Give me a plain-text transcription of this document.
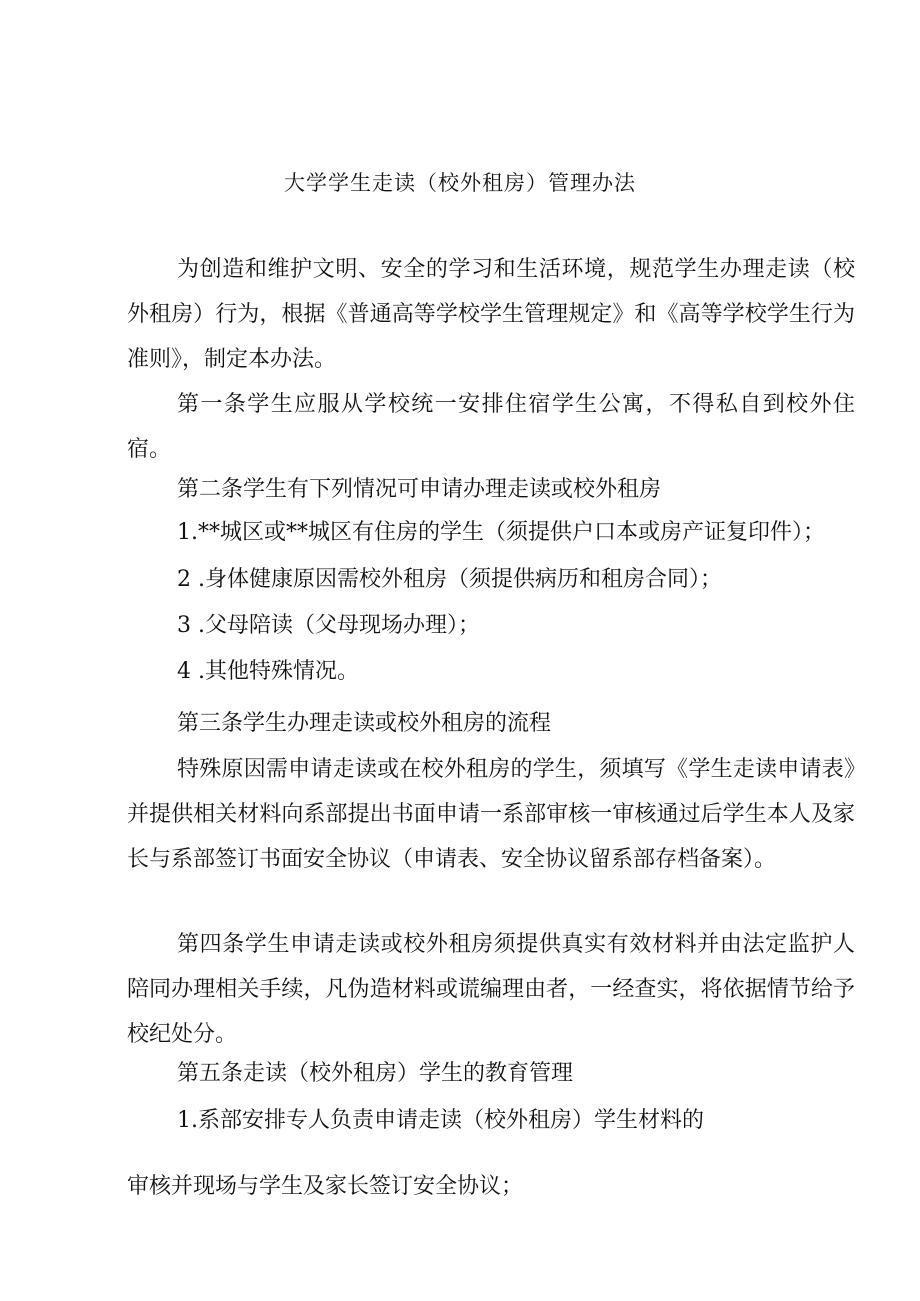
大学学生走读（校外租房）管理办法

为创造和维护文明、安全的学习和生活环境，规范学生办理走读（校外租房）行为，根据《普通高等学校学生管理规定》和《高等学校学生行为准则》，制定本办法。

第一条学生应服从学校统一安排住宿学生公寓，不得私自到校外住宿。

第二条学生有下列情况可申请办理走读或校外租房

1.**城区或**城区有住房的学生（须提供户口本或房产证复印件）；

2 .身体健康原因需校外租房（须提供病历和租房合同）；

3 .父母陪读（父母现场办理）；

4 .其他特殊情况。

第三条学生办理走读或校外租房的流程

特殊原因需申请走读或在校外租房的学生，须填写《学生走读申请表》并提供相关材料向系部提出书面申请一系部审核一审核通过后学生本人及家长与系部签订书面安全协议（申请表、安全协议留系部存档备案）。

第四条学生申请走读或校外租房须提供真实有效材料并由法定监护人陪同办理相关手续，凡伪造材料或谎编理由者，一经查实，将依据情节给予校纪处分。

第五条走读（校外租房）学生的教育管理

1.系部安排专人负责申请走读（校外租房）学生材料的

审核并现场与学生及家长签订安全协议；
